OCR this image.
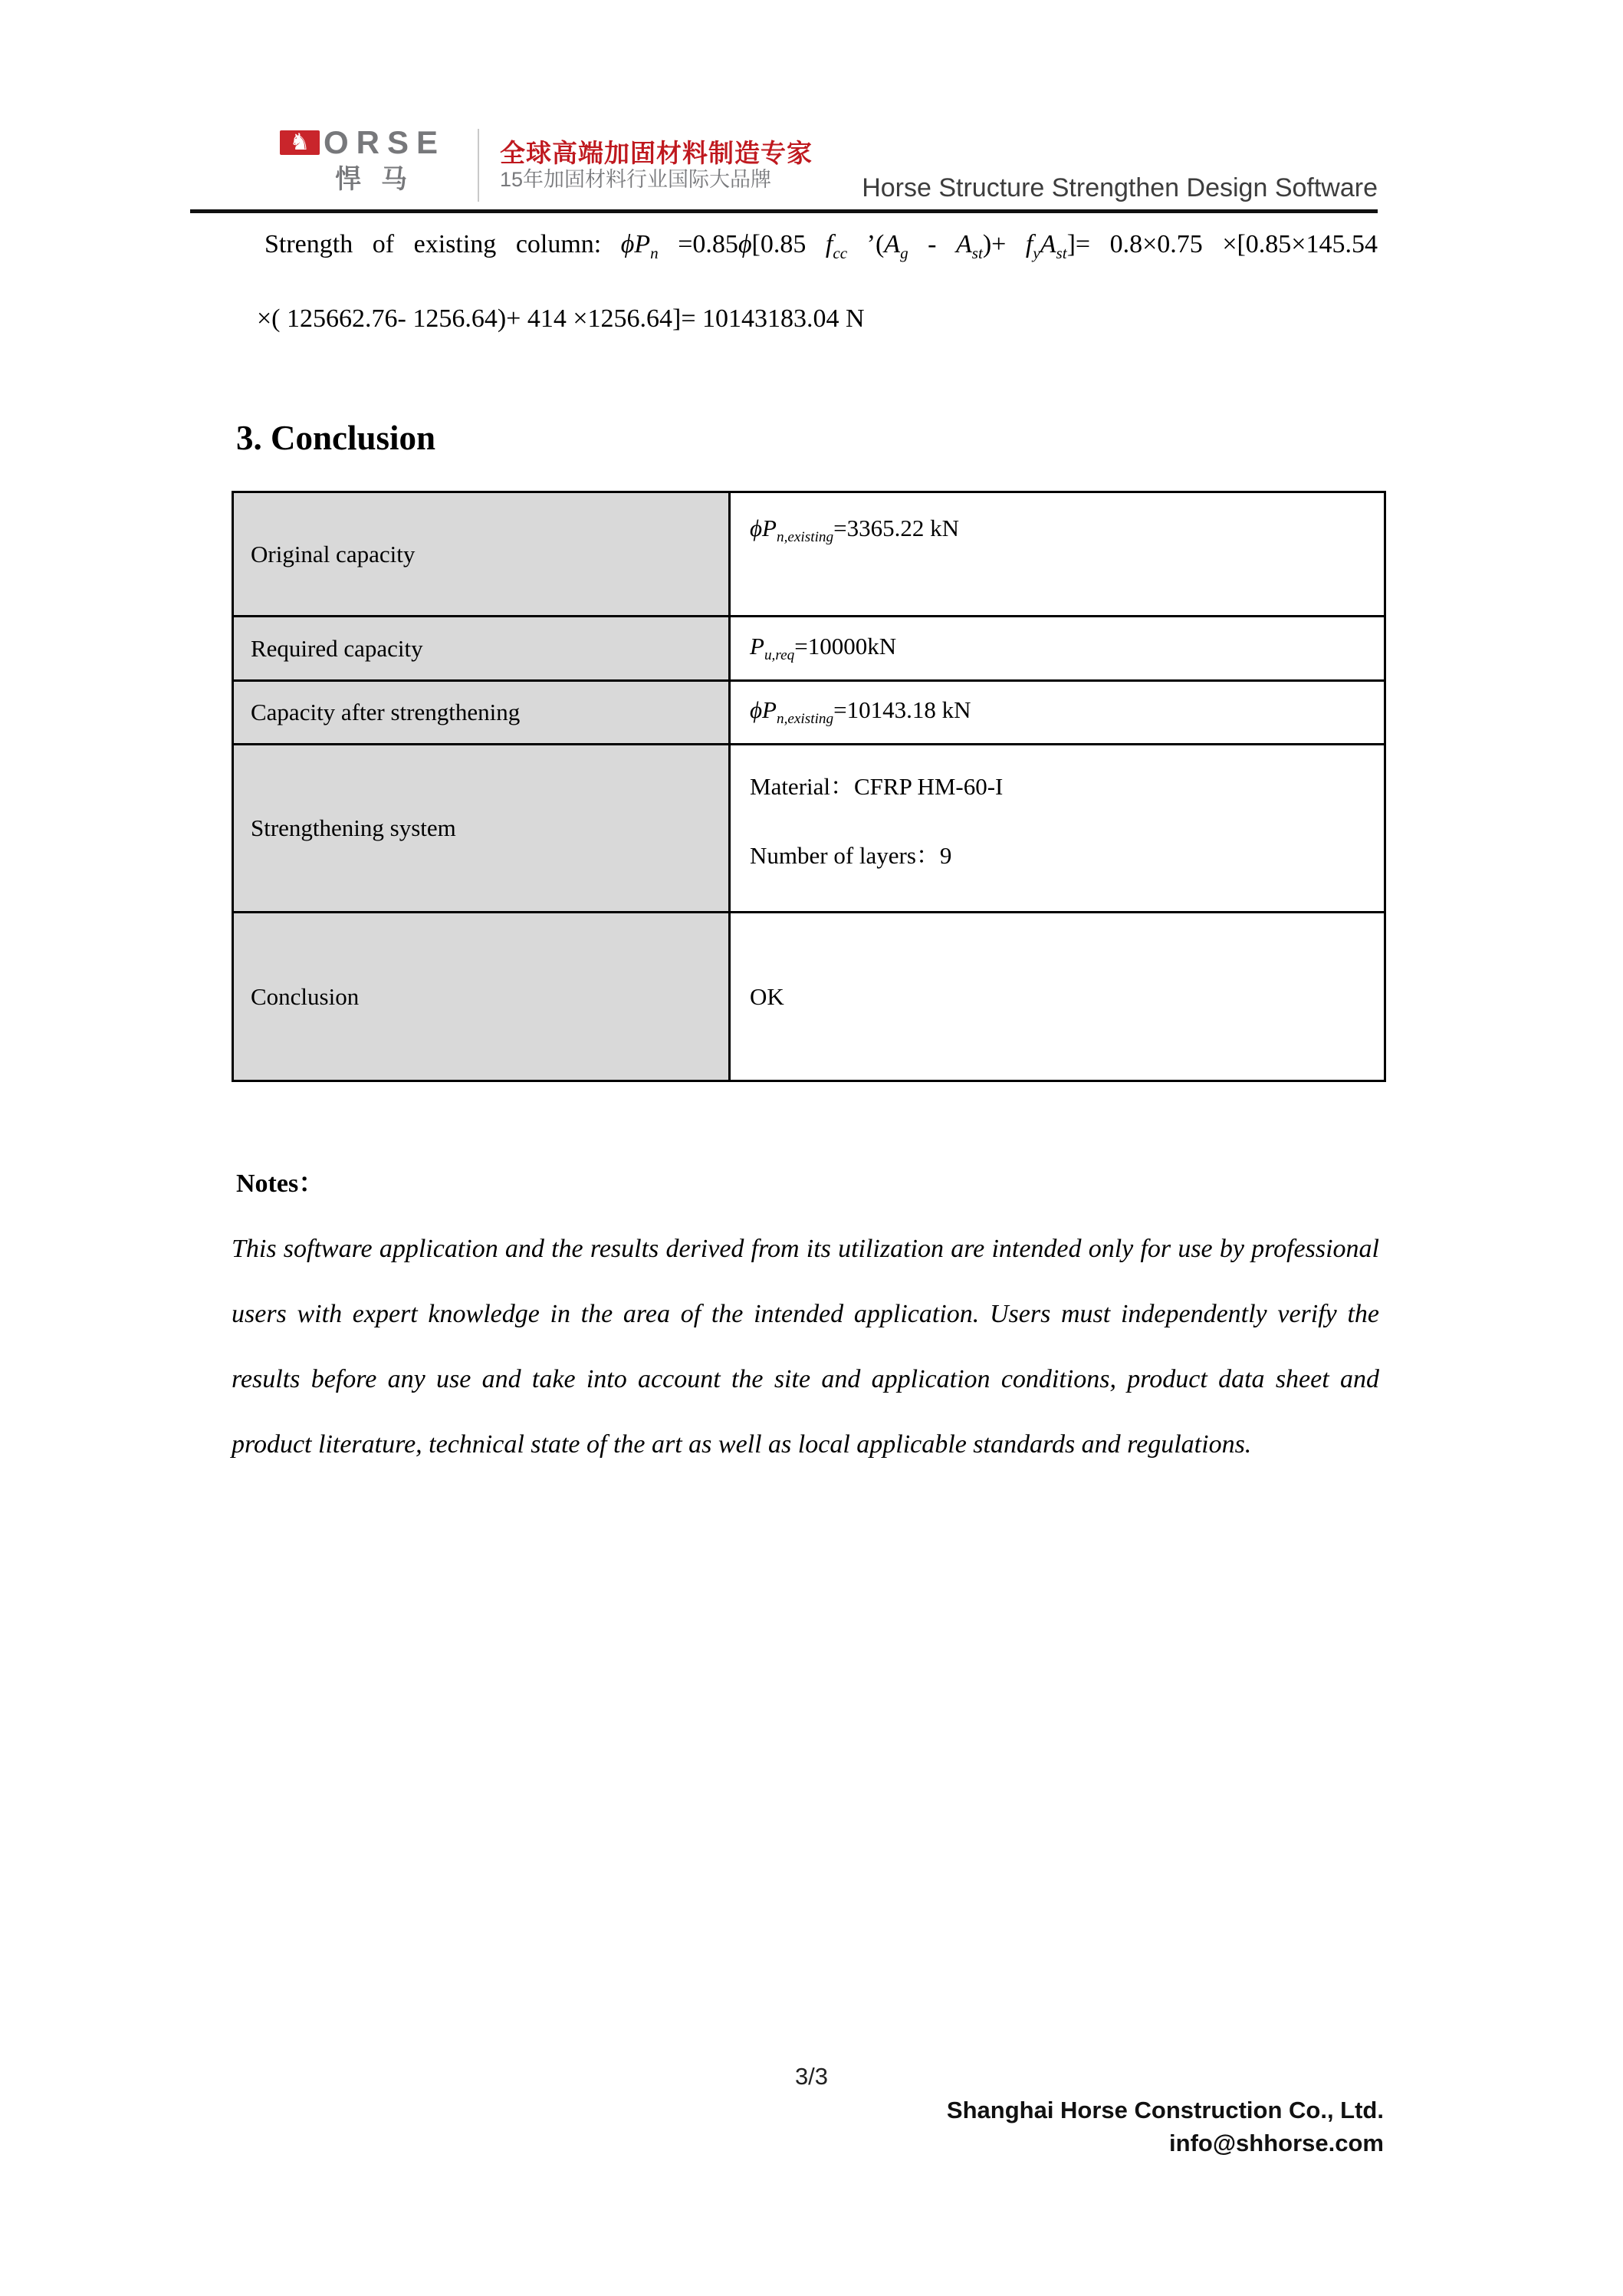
♞ ORSE
悍马
全球高端加固材料制造专家
15年加固材料行业国际大品牌	Horse Structure Strengthen Design Software
Strength of existing column: $\phi P_n =0.85\phi[0.85$ $f_{cc}$ $’(A_g - A_{st})+ f_yA_{st}]= 0.8\times 0.75 \times[0.85\times 145.54$
×( 125662.76- 1256.64)+ 414 ×1256.64]= 10143183.04 N
3. Conclusion
Original capacity	$\phi P_{n,existing}=3365.22$ kN
Required capacity	$P_{u,req}=10000kN$
Capacity after strengthening	$\phi P_{n,existing}=10143.18$ kN
Strengthening system	Material：CFRP HM-60-I
Number of layers：9

Conclusion	OK
Notes：
This software application and the results derived from its utilization are intended only for use by professional users with expert knowledge in the area of the intended application. Users must independently verify the results before any use and take into account the site and application conditions, product data sheet and product literature, technical state of the art as well as local applicable standards and regulations.
3/3
Shanghai Horse Construction Co., Ltd.
info@shhorse.com
